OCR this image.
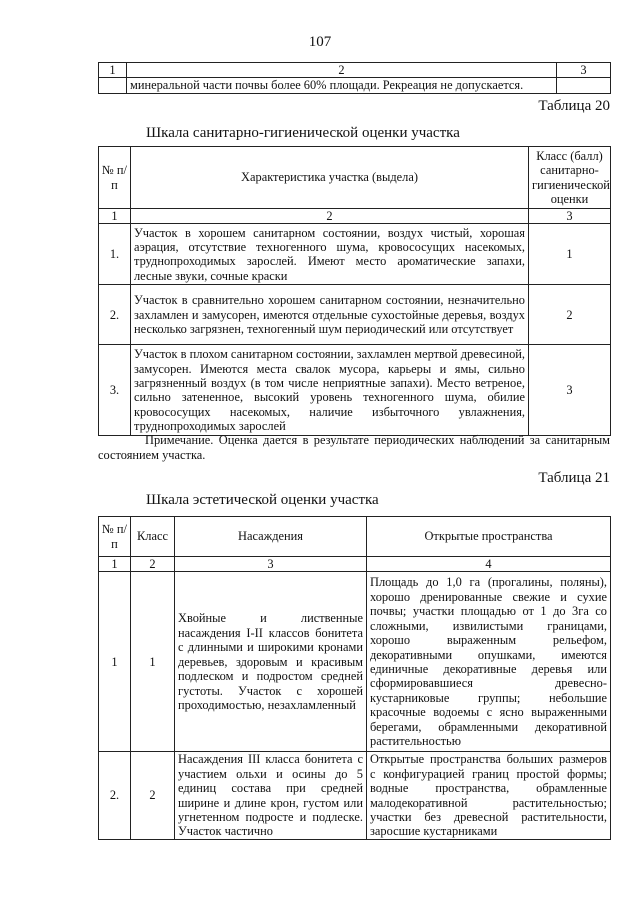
107
1	2	3
	минеральной части почвы более 60% площади. Рекреация не допускается.	
Таблица 20
Шкала санитарно-гигиенической оценки участка
№ п/п	Характеристика участка (выдела)	Класс (балл) санитарно-гигиенической оценки
1	2	3
1.	Участок в хорошем санитарном состоянии, воздух чистый, хорошая аэрация, отсутствие техногенного шума, кровососущих насекомых, труднопроходимых зарослей. Имеют место ароматические запахи, лесные звуки, сочные краски	1
2.	Участок в сравнительно хорошем санитарном состоянии, незначительно захламлен и замусорен, имеются отдельные сухостойные деревья, воздух несколько загрязнен, техногенный шум периодический или отсутствует	2
3.	Участок в плохом санитарном состоянии, захламлен мертвой древесиной, замусорен. Имеются места свалок мусора, карьеры и ямы, сильно загрязненный воздух (в том числе неприятные запахи). Место ветреное, сильно затененное, высокий уровень техногенного шума, обилие кровососущих насекомых, наличие избыточного увлажнения, труднопроходимых зарослей	3
Примечание. Оценка дается в результате периодических наблюдений за санитарным состоянием участка.
Таблица 21
Шкала эстетической оценки участка
№ п/п	Класс	Насаждения	Открытые пространства
1	2	3	4
1	1	Хвойные и лиственные насаждения I-II классов бонитета с длинными и широкими кронами деревьев, здоровым и красивым подлеском и подростом средней густоты. Участок с хорошей проходимостью, незахламленный	Площадь до 1,0 га (прогалины, поляны), хорошо дренированные свежие и сухие почвы; участки площадью от 1 до 3га со сложными, извилистыми границами, хорошо выраженным рельефом, декоративными опушками, имеются единичные декоративные деревья или сформировавшиеся древесно-кустарниковые группы; небольшие красочные водоемы с ясно выраженными берегами, обрамленными декоративной растительностью
2.	2	Насаждения III класса бонитета с участием ольхи и осины до 5 единиц состава при средней ширине и длине крон, густом или угнетенном подросте и подлеске. Участок частично	Открытые пространства больших размеров с конфигурацией границ простой формы; водные пространства, обрамленные малодекоративной растительностью; участки без древесной растительности, заросшие кустарниками
